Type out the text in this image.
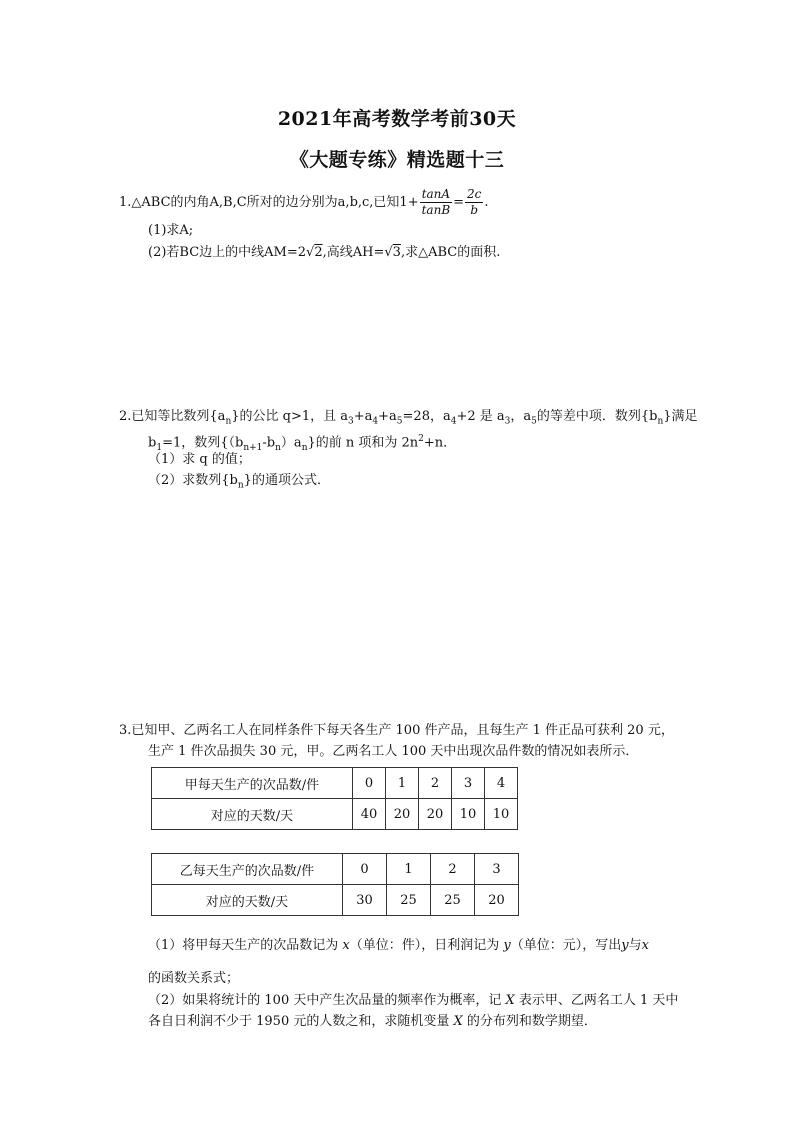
2021年高考数学考前30天
《大题专练》精选题十三
1.△ABC的内角A,B,C所对的边分别为a,b,c,已知$1+ \frac{\tan A}{\tan B} = \frac{2c}{b}$ .
(1)求A;
(2)若BC边上的中线AM=2√2,高线AH=√3,求△ABC的面积.
2.已知等比数列$\{a_n\}$的公比 q>1，且 $a_3+a_4+a_5=28$，$a_4+2$ 是 $a_3$，$a_5$的等差中项．数列$\{b_n\}$满足
$b_1=1$，数列$\{(b_{n+1}-b_n)a_n\}$的前 n 项和为 $2n^2+n$．
（1）求 q 的值；
（2）求数列$\{b_n\}$的通项公式．
3.已知甲、乙两名工人在同样条件下每天各生产 100 件产品，且每生产 1 件正品可获利 20 元，
生产 1 件次品损失 30 元，甲。乙两名工人 100 天中出现次品件数的情况如表所示．
甲每天生产的次品数/件	0	1	2	3	4
对应的天数/天	40	20	20	10	10
乙每天生产的次品数/件	0	1	2	3
对应的天数/天	30	25	25	20
（1）将甲每天生产的次品数记为 x（单位：件），日利润记为 y（单位：元），写出y与x
的函数关系式；
（2）如果将统计的 100 天中产生次品量的频率作为概率，记 X 表示甲、乙两名工人 1 天中
各自日利润不少于 1950 元的人数之和，求随机变量 X 的分布列和数学期望．
